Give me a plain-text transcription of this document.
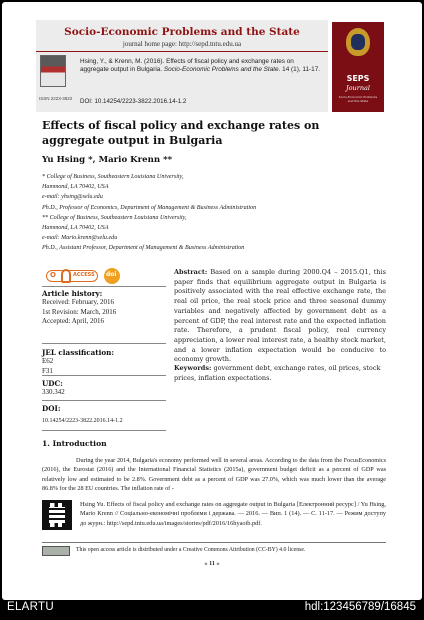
Socio-Economic Problems and the State
journal home page: http://sepd.tntu.edu.ua
ISSN 2223-3822
Hsing, Y., & Krenn, M. (2016). Effects of fiscal policy and exchange rates on aggregate output in Bulgaria. Socio-Economic Problems and the State. 14 (1), 11-17.
DOI: 10.14254/2223-3822.2016.14-1.2
SEPS
Journal
Socio-Economic Problems and the State
Effects of fiscal policy and exchange rates on aggregate output in Bulgaria
Yu Hsing *, Mario Krenn **
* College of Business, Southeastern Louisiana University,
Hammond, LA 70402, USA
e-mail: yhsing@selu.edu
Ph.D., Professor of Economics, Department of Management & Business Administration
** College of Business, Southeastern Louisiana University,
Hammond, LA 70402, USA
e-mail: Mario.krenn@selu.edu
Ph.D., Assistant Professor, Department of Management & Business Administration
O	ACCESS doi
Article history:
Received: February, 2016
1st Revision: March, 2016
Accepted: April, 2016
JEL classification:
E62
F31
UDC:
330.342
DOI:
10.14254/2223-3822.2016.14-1.2
Abstract: Based on a sample during 2000.Q4 – 2015.Q1, this paper finds that equilibrium aggregate output in Bulgaria is positively associated with the real effective exchange rate, the real oil price, the real stock price and three seasonal dummy variables and negatively affected by government debt as a percent of GDP, the real interest rate and the expected inflation rate. Therefore, a prudent fiscal policy, real currency appreciation, a lower real interest rate, a healthy stock market, and a lower inflation expectation would be conducive to economy growth.
Keywords: government debt, exchange rates, oil prices, stock prices, inflation expectations.
1. Introduction
During the year 2014, Bulgaria's economy performed well in several areas. According to the data from the FocusEconomics (2016), the Eurostat (2016) and the International Financial Statistics (2015a), government budget deficit as a percent of GDP was relatively low and estimated to be 2.8%. Government debt as a percent of GDP was 27.0%, which was much lower than the average 86.8% for the 28 EU countries. The inflation rate of -
Hsing Yu. Effects of fiscal policy and exchange rates on aggregate output in Bulgaria [Електронний ресурс] / Yu Hsing, Mario Krenn // Соціально-економічні проблеми і держава. — 2016. — Вип. 1 (14). — С. 11-17. — Режим доступу до журн.: http://sepd.tntu.edu.ua/images/stories/pdf/2016/16hyaoib.pdf.
This open access article is distributed under a Creative Commons Attribution (CC-BY) 4.0 license.
« 11 »
ELARTU	hdl:123456789/16845
